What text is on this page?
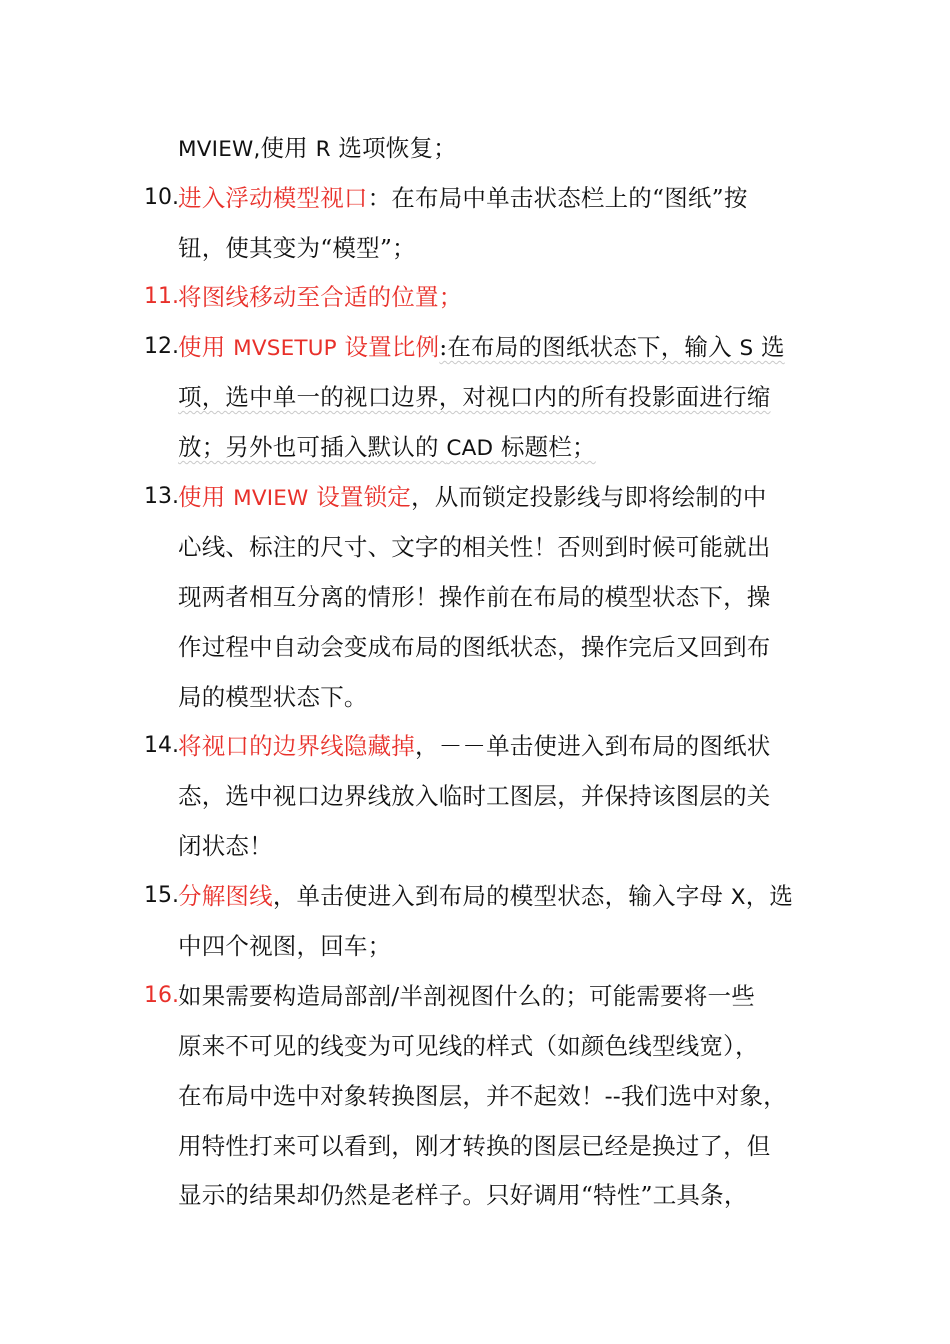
MVIEW,使用 R 选项恢复；
10. 进入浮动模型视口：在布局中单击状态栏上的“图纸”按
钮，使其变为“模型”；
11. 将图线移动至合适的位置；
12. 使用 MVSETUP 设置比例:在布局的图纸状态下，输入 S 选
项，选中单一的视口边界，对视口内的所有投影面进行缩
放；另外也可插入默认的 CAD 标题栏；
13. 使用 MVIEW 设置锁定，从而锁定投影线与即将绘制的中
心线、标注的尺寸、文字的相关性！否则到时候可能就出
现两者相互分离的情形！操作前在布局的模型状态下，操
作过程中自动会变成布局的图纸状态，操作完后又回到布
局的模型状态下。
14. 将视口的边界线隐藏掉，－－单击使进入到布局的图纸状
态，选中视口边界线放入临时工图层，并保持该图层的关
闭状态！
15. 分解图线，单击使进入到布局的模型状态，输入字母 X，选
中四个视图，回车；
16. 如果需要构造局部剖/半剖视图什么的；可能需要将一些
原来不可见的线变为可见线的样式（如颜色线型线宽），
在布局中选中对象转换图层，并不起效！--我们选中对象，
用特性打来可以看到，刚才转换的图层已经是换过了，但
显示的结果却仍然是老样子。只好调用“特性”工具条，
